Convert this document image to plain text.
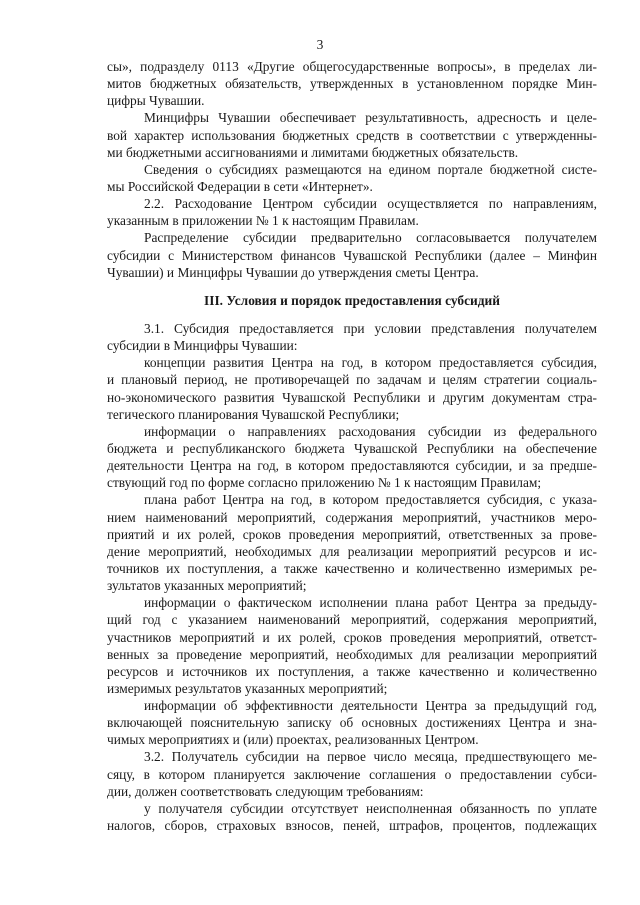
3
сы», подразделу 0113 «Другие общегосударственные вопросы», в пределах ли-
митов бюджетных обязательств, утвержденных в установленном порядке Мин-
цифры Чувашии.
Минцифры Чувашии обеспечивает результативность, адресность и целе-
вой характер использования бюджетных средств в соответствии с утвержденны-
ми бюджетными ассигнованиями и лимитами бюджетных обязательств.
Сведения о субсидиях размещаются на едином портале бюджетной систе-
мы Российской Федерации в сети «Интернет».
2.2. Расходование Центром субсидии осуществляется по направлениям,
указанным в приложении № 1 к настоящим Правилам.
Распределение субсидии предварительно согласовывается получателем
субсидии с Министерством финансов Чувашской Республики (далее – Минфин
Чувашии) и Минцифры Чувашии до утверждения сметы Центра.
III. Условия и порядок предоставления субсидий
3.1. Субсидия предоставляется при условии представления получателем
субсидии в Минцифры Чувашии:
концепции развития Центра на год, в котором предоставляется субсидия,
и плановый период, не противоречащей по задачам и целям стратегии социаль-
но-экономического развития Чувашской Республики и другим документам стра-
тегического планирования Чувашской Республики;
информации о направлениях расходования субсидии из федерального
бюджета и республиканского бюджета Чувашской Республики на обеспечение
деятельности Центра на год, в котором предоставляются субсидии, и за предше-
ствующий год по форме согласно приложению № 1 к настоящим Правилам;
плана работ Центра на год, в котором предоставляется субсидия, с указа-
нием наименований мероприятий, содержания мероприятий, участников меро-
приятий и их ролей, сроков проведения мероприятий, ответственных за прове-
дение мероприятий, необходимых для реализации мероприятий ресурсов и ис-
точников их поступления, а также качественно и количественно измеримых ре-
зультатов указанных мероприятий;
информации о фактическом исполнении плана работ Центра за предыду-
щий год с указанием наименований мероприятий, содержания мероприятий,
участников мероприятий и их ролей, сроков проведения мероприятий, ответст-
венных за проведение мероприятий, необходимых для реализации мероприятий
ресурсов и источников их поступления, а также качественно и количественно
измеримых результатов указанных мероприятий;
информации об эффективности деятельности Центра за предыдущий год,
включающей пояснительную записку об основных достижениях Центра и зна-
чимых мероприятиях и (или) проектах, реализованных Центром.
3.2. Получатель субсидии на первое число месяца, предшествующего ме-
сяцу, в котором планируется заключение соглашения о предоставлении субси-
дии, должен соответствовать следующим требованиям:
у получателя субсидии отсутствует неисполненная обязанность по уплате
налогов, сборов, страховых взносов, пеней, штрафов, процентов, подлежащих
